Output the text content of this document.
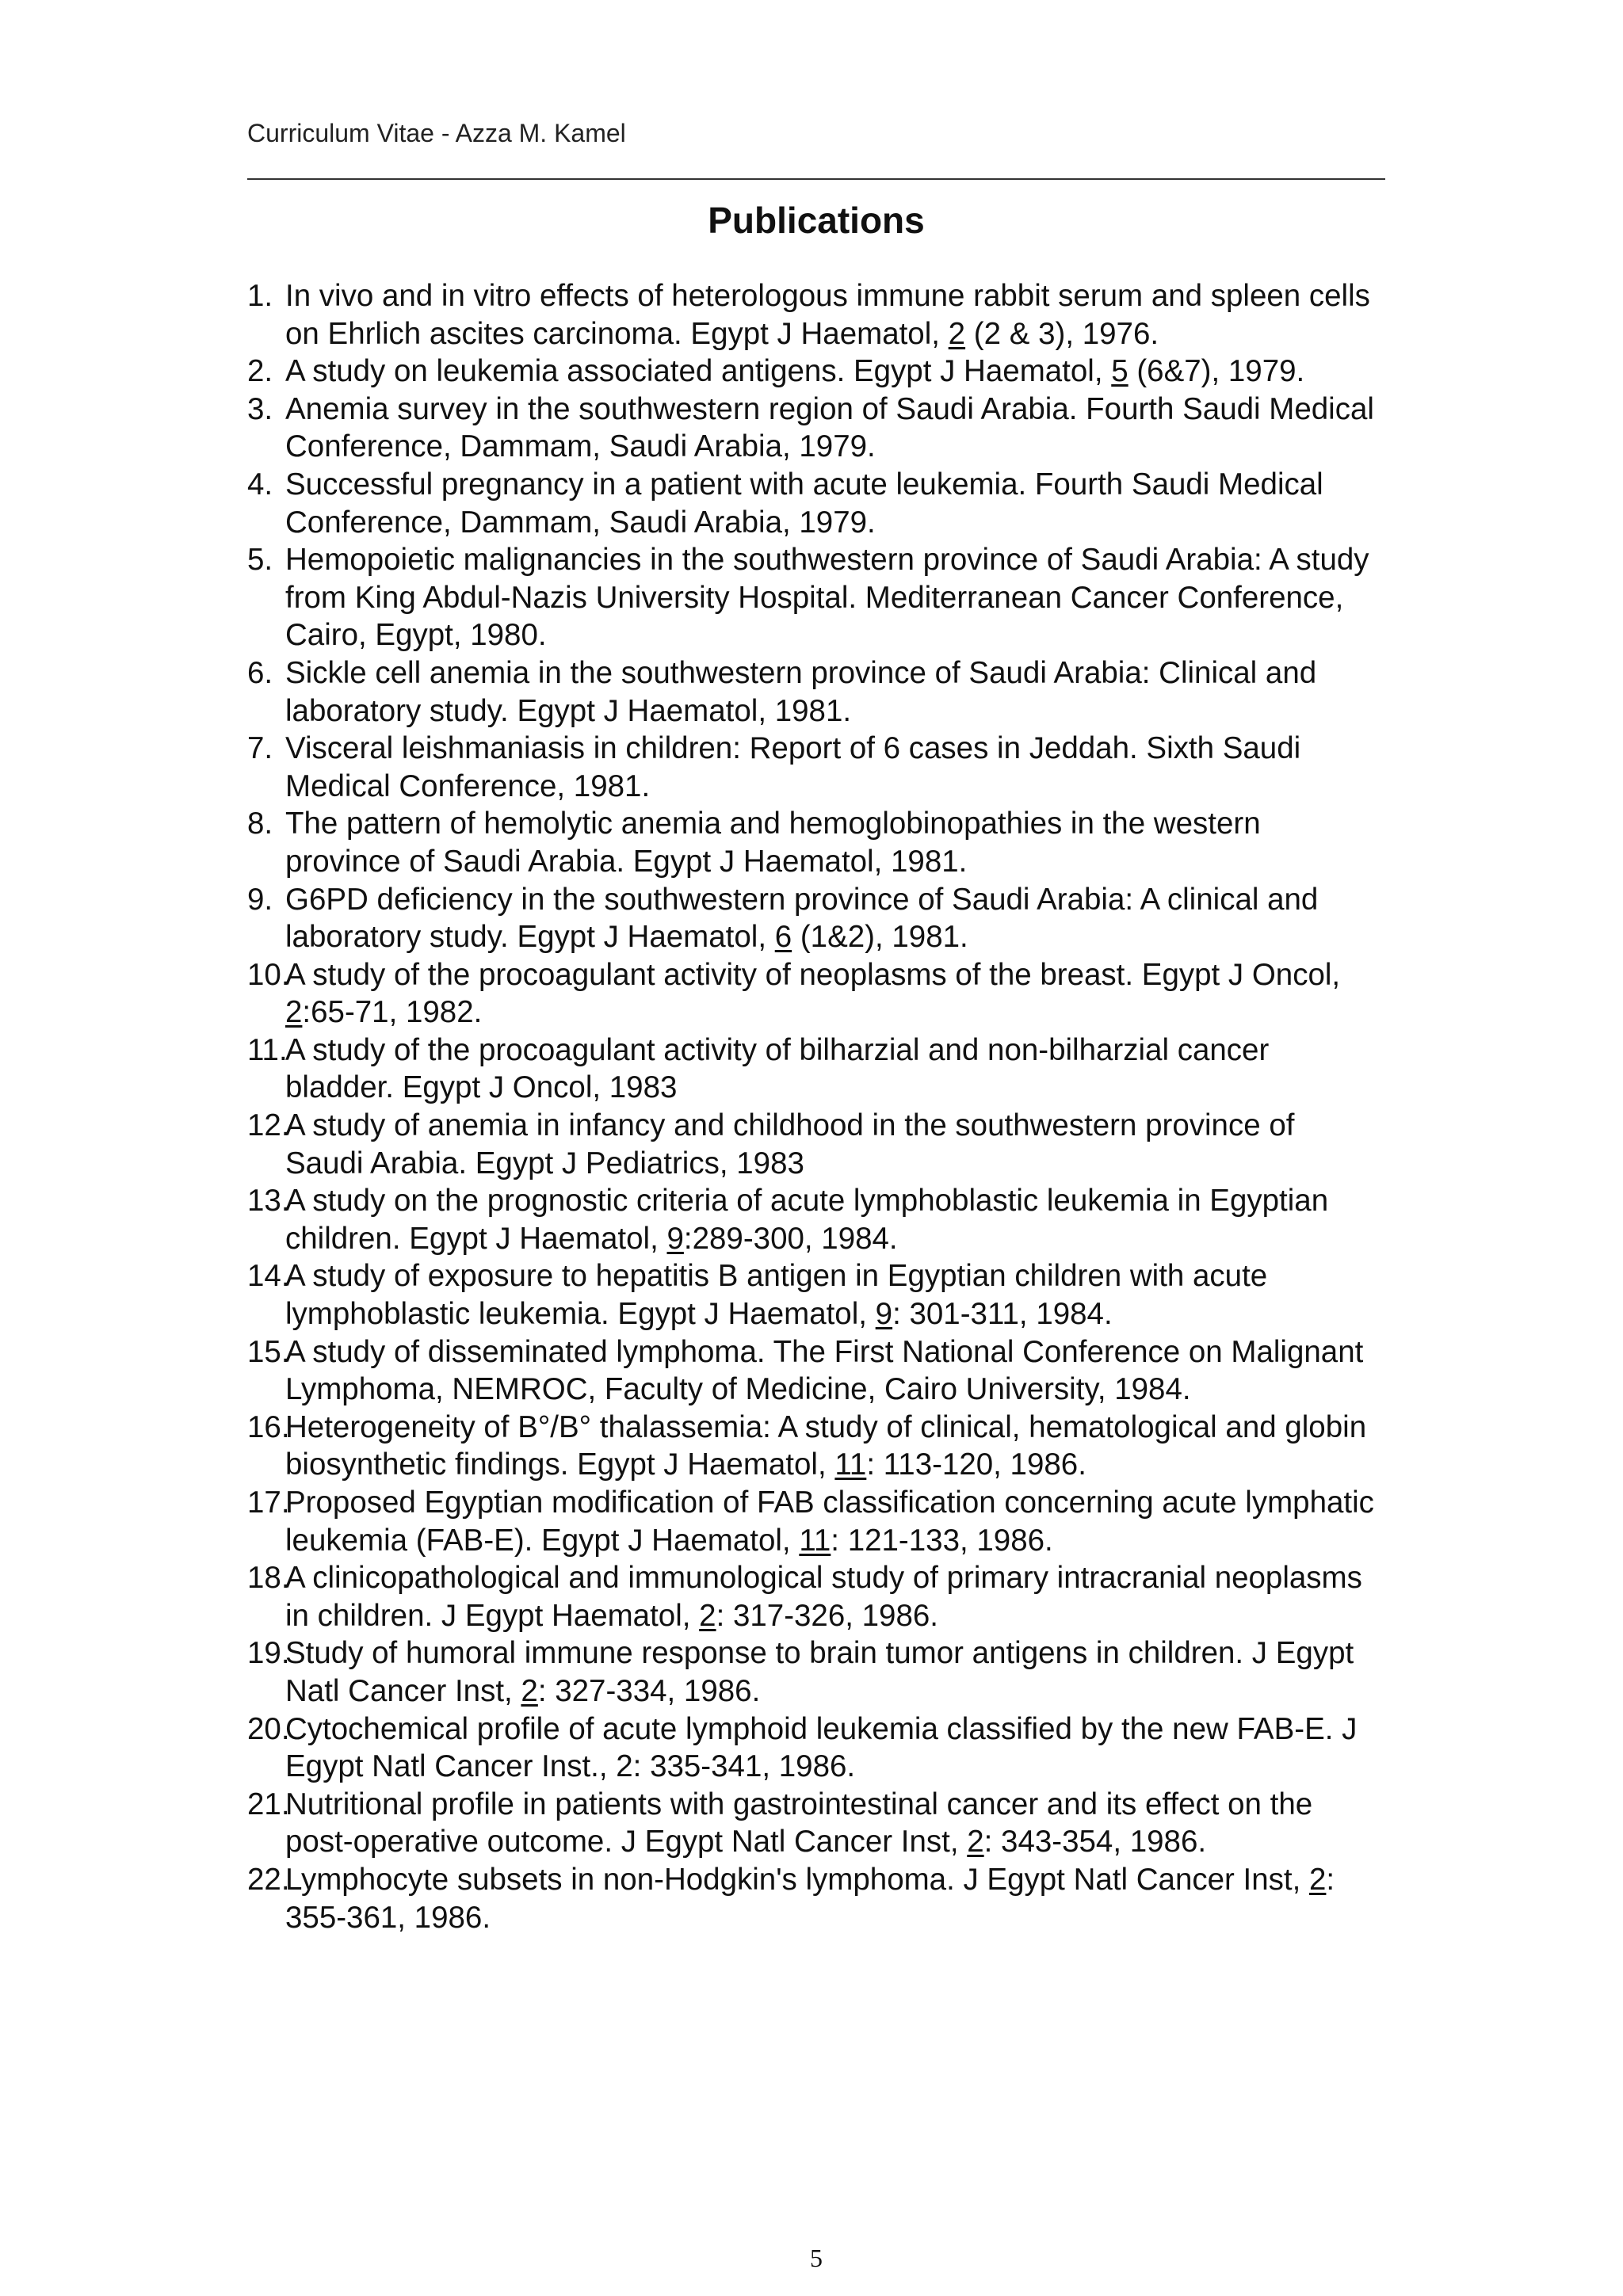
Curriculum Vitae - Azza M. Kamel
Publications
1. In vivo and in vitro effects of heterologous immune rabbit serum and spleen cells on Ehrlich ascites carcinoma. Egypt J Haematol, 2 (2 & 3), 1976.
2. A study on leukemia associated antigens. Egypt J Haematol, 5 (6&7), 1979.
3. Anemia survey in the southwestern region of Saudi Arabia. Fourth Saudi Medical Conference, Dammam, Saudi Arabia, 1979.
4. Successful pregnancy in a patient with acute leukemia. Fourth Saudi Medical Conference, Dammam, Saudi Arabia, 1979.
5. Hemopoietic malignancies in the southwestern province of Saudi Arabia: A study from King Abdul-Nazis University Hospital. Mediterranean Cancer Conference, Cairo, Egypt, 1980.
6. Sickle cell anemia in the southwestern province of Saudi Arabia: Clinical and laboratory study. Egypt J Haematol, 1981.
7. Visceral leishmaniasis in children: Report of 6 cases in Jeddah. Sixth Saudi Medical Conference, 1981.
8. The pattern of hemolytic anemia and hemoglobinopathies in the western province of Saudi Arabia. Egypt J Haematol, 1981.
9. G6PD deficiency in the southwestern province of Saudi Arabia: A clinical and laboratory study. Egypt J Haematol, 6 (1&2), 1981.
10.
A study of the procoagulant activity of neoplasms of the breast. Egypt J Oncol, 2:65-71, 1982.
11.
A study of the procoagulant activity of bilharzial and non-bilharzial cancer bladder. Egypt J Oncol, 1983
12.
A study of anemia in infancy and childhood in the southwestern province of Saudi Arabia. Egypt J Pediatrics, 1983
13.
A study on the prognostic criteria of acute lymphoblastic leukemia in Egyptian children. Egypt J Haematol, 9:289-300, 1984.
14.
A study of exposure to hepatitis B antigen in Egyptian children with acute lymphoblastic leukemia. Egypt J Haematol, 9: 301-311, 1984.
15.
A study of disseminated lymphoma. The First National Conference on Malignant Lymphoma, NEMROC, Faculty of Medicine, Cairo University, 1984.
16.
Heterogeneity of B°/B° thalassemia: A study of clinical, hematological and globin biosynthetic findings. Egypt J Haematol, 11: 113-120, 1986.
17.
Proposed Egyptian modification of FAB classification concerning acute lymphatic leukemia (FAB-E). Egypt J Haematol, 11: 121-133, 1986.
18.
A clinicopathological and immunological study of primary intracranial neoplasms in children. J Egypt Haematol, 2: 317-326, 1986.
19.
Study of humoral immune response to brain tumor antigens in children. J Egypt Natl Cancer Inst, 2: 327-334, 1986.
20.
Cytochemical profile of acute lymphoid leukemia classified by the new FAB-E. J Egypt Natl Cancer Inst., 2: 335-341, 1986.
21.
Nutritional profile in patients with gastrointestinal cancer and its effect on the post-operative outcome. J Egypt Natl Cancer Inst, 2: 343-354, 1986.
22.
Lymphocyte subsets in non-Hodgkin's lymphoma. J Egypt Natl Cancer Inst, 2: 355-361, 1986.
5
